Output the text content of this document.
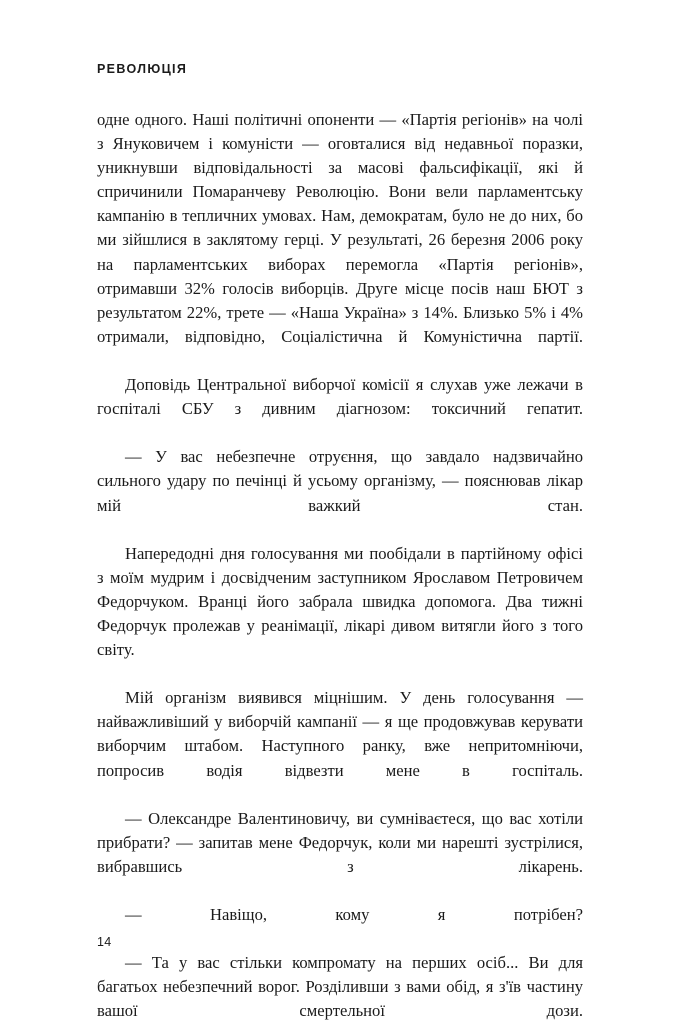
РЕВОЛЮЦІЯ

одне одного. Наші політичні опоненти — «Партія регіонів» на чолі з Януковичем і комуністи — оговталися від недавньої поразки, уникнувши відповідальності за масові фальсифікації, які й спричинили Помаранчеву Революцію. Вони вели парламентську кампанію в тепличних умовах. Нам, демократам, було не до них, бо ми зійшлися в заклятому герці. У результаті, 26 березня 2006 року на парламентських виборах перемогла «Партія регіонів», отримавши 32% голосів виборців. Друге місце посів наш БЮТ з результатом 22%, трете — «Наша Україна» з 14%. Близько 5% і 4% отримали, відповідно, Соціалістична й Комуністична партії.

Доповідь Центральної виборчої комісії я слухав уже лежачи в госпіталі СБУ з дивним діагнозом: токсичний гепатит.

— У вас небезпечне отруєння, що завдало надзвичайно сильного удару по печінці й усьому організму, — пояснював лікар мій важкий стан.

Напередодні дня голосування ми пообідали в партійному офісі з моїм мудрим і досвідченим заступником Ярославом Петровичем Федорчуком. Вранці його забрала швидка допомога. Два тижні Федорчук пролежав у реанімації, лікарі дивом витягли його з того світу.

Мій організм виявився міцнішим. У день голосування — найважливіший у виборчій кампанії — я ще продовжував керувати виборчим штабом. Наступного ранку, вже непритомніючи, попросив водія відвезти мене в госпіталь.

— Олександре Валентиновичу, ви сумніваєтеся, що вас хотіли прибрати? — запитав мене Федорчук, коли ми нарешті зустрілися, вибравшись з лікарень.

— Навіщо, кому я потрібен?

— Та у вас стільки компромату на перших осіб... Ви для багатьох небезпечний ворог. Розділивши з вами обід, я з'їв частину вашої смертельної дози.

14
